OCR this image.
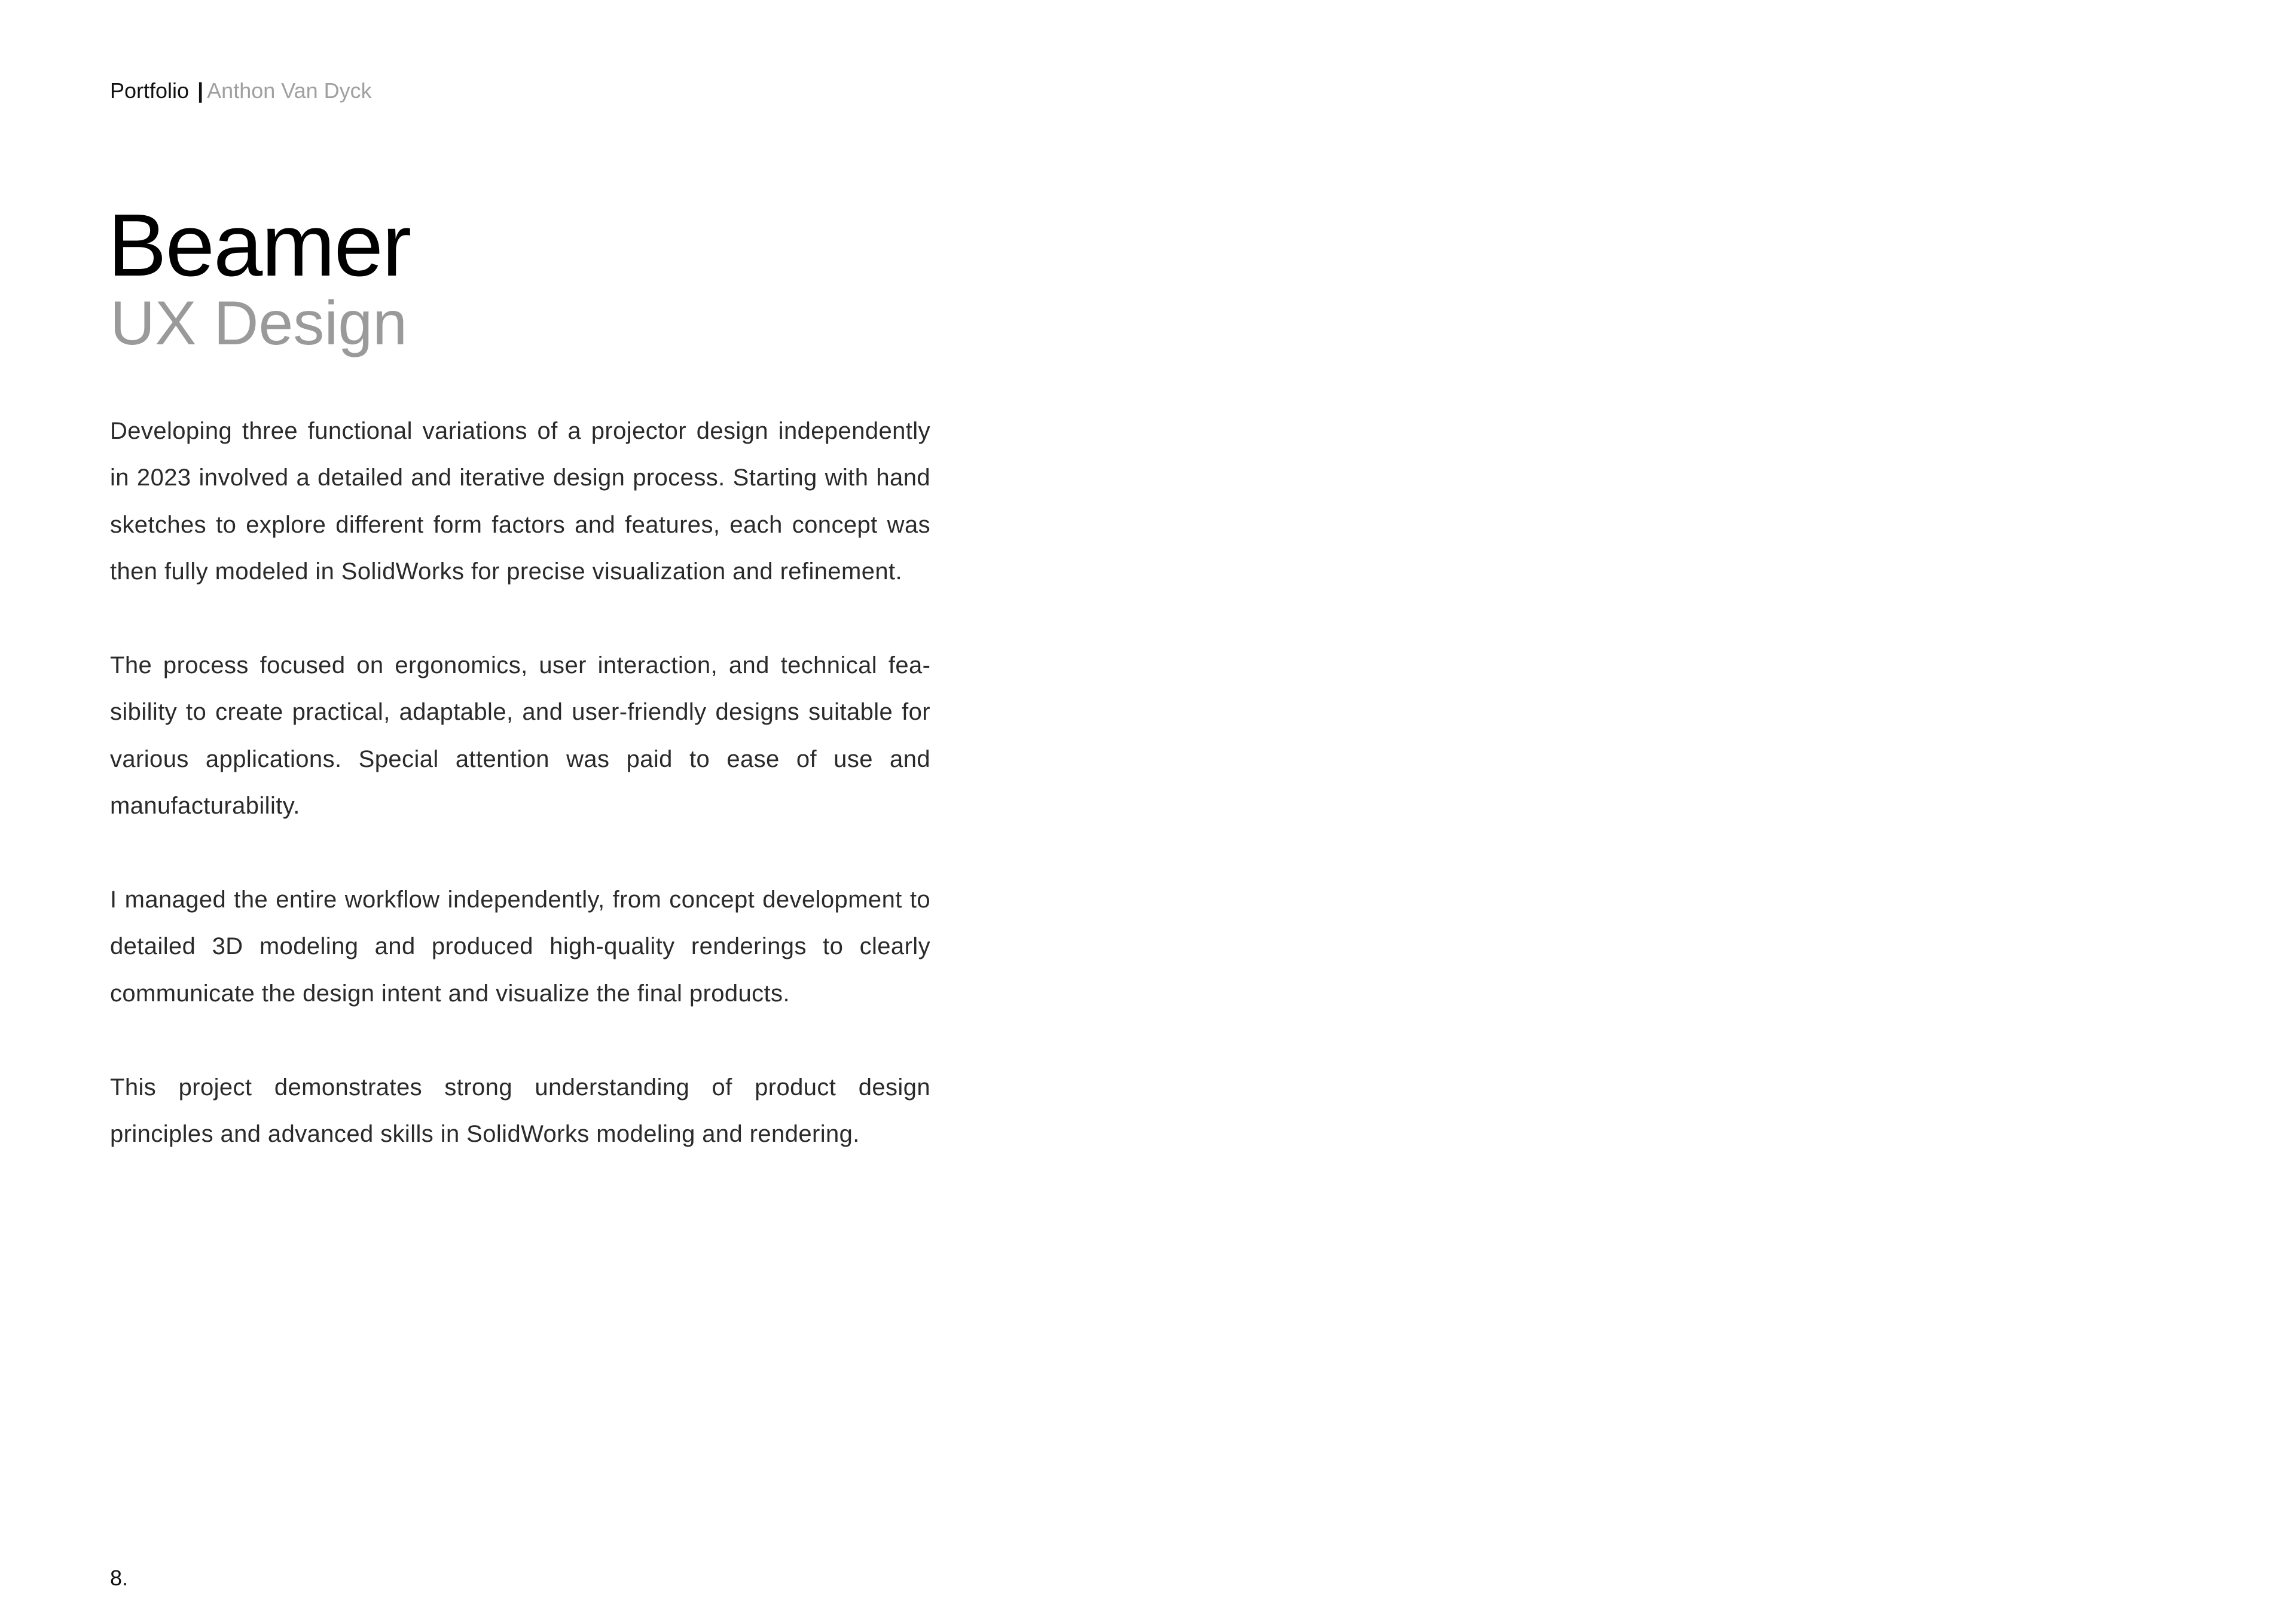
Portfolio | Anthon Van Dyck
Beamer
UX Design

Developing three functional variations of a projector design independently in 2023 involved a detailed and iterative design process. Starting with hand sketches to explore different form factors and features, each concept was then fully modeled in SolidWorks for precise visualization and refinement.

The process focused on ergonomics, user interaction, and technical feasibility to create practical, adaptable, and user-friendly designs suitable for various applications. Special attention was paid to ease of use and manufacturability.

I managed the entire workflow independently, from concept development to detailed 3D modeling and produced high-quality renderings to clearly communicate the design intent and visualize the final products.

This project demonstrates strong understanding of product design principles and advanced skills in SolidWorks modeling and rendering.

8.
